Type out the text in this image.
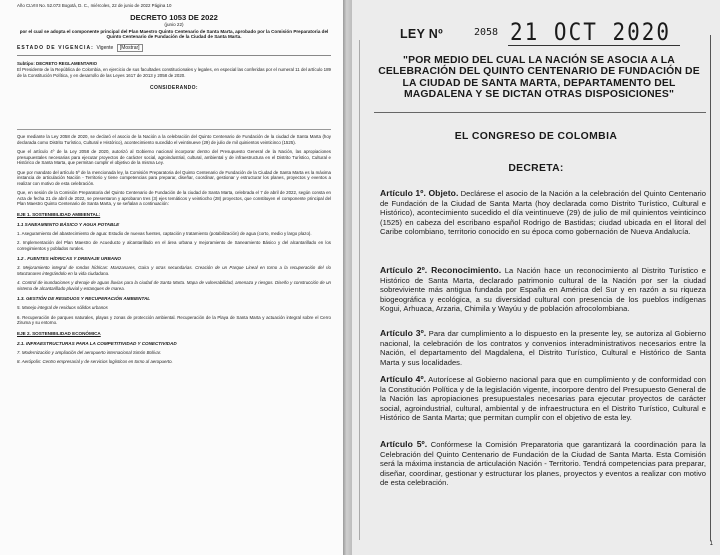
Año CLVIII No. 52.073 Bogotá, D. C., miércoles, 22 de junio de 2022 Página 10
DECRETO 1053 DE 2022
(junio 22)
por el cual se adopta el componente principal del Plan Maestro Quinto Centenario de Santa Marta, aprobado por la Comisión Preparatoria del Quinto Centenario de Fundación de la Ciudad de Santa Marta.
ESTADO DE VIGENCIA: Vigente [Mostrar]
Subtipo: DECRETO REGLAMENTARIO
El Presidente de la República de Colombia, en ejercicio de sus facultades constitucionales y legales, en especial las conferidas por el numeral 11 del artículo 189 de la Constitución Política, y en desarrollo de las Leyes 1617 de 2013 y 2058 de 2020.
CONSIDERANDO:
Que mediante la Ley 2058 de 2020, se declaró el asocio de la Nación a la celebración del Quinto Centenario de Fundación de la ciudad de Santa Marta (hoy declarada como Distrito Turístico, Cultural e Histórico), acontecimiento sucedido el veintinueve (29) de julio de mil quinientos veinticinco (1525).
Que el artículo 4º de la Ley 2058 de 2020, autorizó al Gobierno nacional incorporar dentro del Presupuesto General de la Nación, las apropiaciones presupuestales necesarias para ejecutar proyectos de carácter social, agroindustrial, cultural, ambiental y de infraestructura en el Distrito Turístico, Cultural e Histórico de Santa Marta, que permitan cumplir el objetivo de la misma Ley.
Que por mandato del artículo 5º de la mencionada ley, la Comisión Preparatoria del Quinto Centenario de Fundación de la Ciudad de Santa Marta es la máxima instancia de articulación Nación - Territorio y tiene competencias para preparar, diseñar, coordinar, gestionar y estructurar los planes, proyectos y eventos a realizar con motivo de esta celebración.
Que, en sesión de la Comisión Preparatoria del Quinto Centenario de Fundación de la ciudad de Santa Marta, celebrada el 7 de abril de 2022, según consta en Acta de fecha 21 de abril de 2022, se presentaron y aprobaron tres (3) ejes temáticos y veintiocho (28) proyectos, que constituyen el componente principal del Plan Maestro Quinto Centenario de Santa Marta, y se señalan a continuación:
EJE 1. SOSTENIBILIDAD AMBIENTAL:
1.1 SANEAMIENTO BÁSICO Y AGUA POTABLE
1. Aseguramiento del abastecimiento de agua: Estudio de nuevas fuentes, captación y tratamiento (potabilización) de agua (corto, medio y largo plazo).
2. Implementación del Plan Maestro de Acueducto y alcantarillado en el área urbana y mejoramiento de Saneamiento Básico y del alcantarillado en los corregimientos y poblados rurales.
1.2 . FUENTES HÍDRICAS Y DRENAJE URBANO
3. Mejoramiento integral de rondas hídricas: Manzanares, Gaira y otras secundarias. Creación de un Parque Lineal en torno a la recuperación del río Manzanares integrándolo en la vida ciudadana.
4. Control de inundaciones y drenaje de aguas lluvias para la ciudad de Santa Marta. Mapa de vulnerabilidad, amenaza y riesgos. Diseño y construcción de un sistema de alcantarillado pluvial y estanques de marea.
1.3. GESTIÓN DE RESIDUOS Y RECUPERACIÓN AMBIENTAL
5. Manejo integral de residuos sólidos urbanos
6. Recuperación de parques naturales, playas y zonas de protección ambiental. Recuperación de la Playa de Santa Marta y actuación integral sobre el Cerro Ziruma y su entorno.
EJE 2. SOSTENIBILIDAD ECONÓMICA
2.1. INFRAESTRUCTURAS PARA LA COMPETITIVIDAD Y CONECTIVIDAD
7. Modernización y ampliación del aeropuerto internacional Simón Bolívar.
8. Aerópolis: Centro empresarial y de servicios logísticos en torno al aeropuerto.
LEY Nº	2058 21 OCT 2020
"POR MEDIO DEL CUAL LA NACIÓN SE ASOCIA A LA CELEBRACIÓN DEL QUINTO CENTENARIO DE FUNDACIÓN DE LA CIUDAD DE SANTA MARTA, DEPARTAMENTO DEL MAGDALENA Y SE DICTAN OTRAS DISPOSICIONES"
EL CONGRESO DE COLOMBIA
DECRETA:
Artículo 1º. Objeto. Declárese el asocio de la Nación a la celebración del Quinto Centenario de Fundación de la Ciudad de Santa Marta (hoy declarada como Distrito Turístico, Cultural e Histórico), acontecimiento sucedido el día veintinueve (29) de julio de mil quinientos veinticinco (1525) en cabeza del escribano español Rodrigo de Bastidas; ciudad ubicada en el litoral del Caribe colombiano, territorio conocido en su época como gobernación de Nueva Andalucía.
Artículo 2º. Reconocimiento. La Nación hace un reconocimiento al Distrito Turístico e Histórico de Santa Marta, declarado patrimonio cultural de la Nación por ser la ciudad sobreviviente más antigua fundada por España en América del Sur y en razón a su riqueza biogeográfica y ecológica, a su diversidad cultural con presencia de los pueblos indígenas Kogui, Arhuaca, Arzaria, Chimila y Wayúu y de población afrocolombiana.
Artículo 3º. Para dar cumplimiento a lo dispuesto en la presente ley, se autoriza al Gobierno nacional, la celebración de los contratos y convenios interadministrativos necesarios entre la Nación, el departamento del Magdalena, el Distrito Turístico, Cultural e Histórico de Santa Marta y sus localidades.
Artículo 4º. Autorícese al Gobierno nacional para que en cumplimiento y de conformidad con la Constitución Política y de la legislación vigente, incorpore dentro del Presupuesto General de la Nación las apropiaciones presupuestales necesarias para ejecutar proyectos de carácter social, agroindustrial, cultural, ambiental y de infraestructura en el Distrito Turístico, Cultural e Histórico de Santa Marta; que permitan cumplir con el objetivo de esta ley.
Artículo 5º. Confórmese la Comisión Preparatoria que garantizará la coordinación para la Celebración del Quinto Centenario de Fundación de la Ciudad de Santa Marta. Esta Comisión será la máxima instancia de articulación Nación - Territorio. Tendrá competencias para preparar, diseñar, coordinar, gestionar y estructurar los planes, proyectos y eventos a realizar con motivo de esta celebración.
1
